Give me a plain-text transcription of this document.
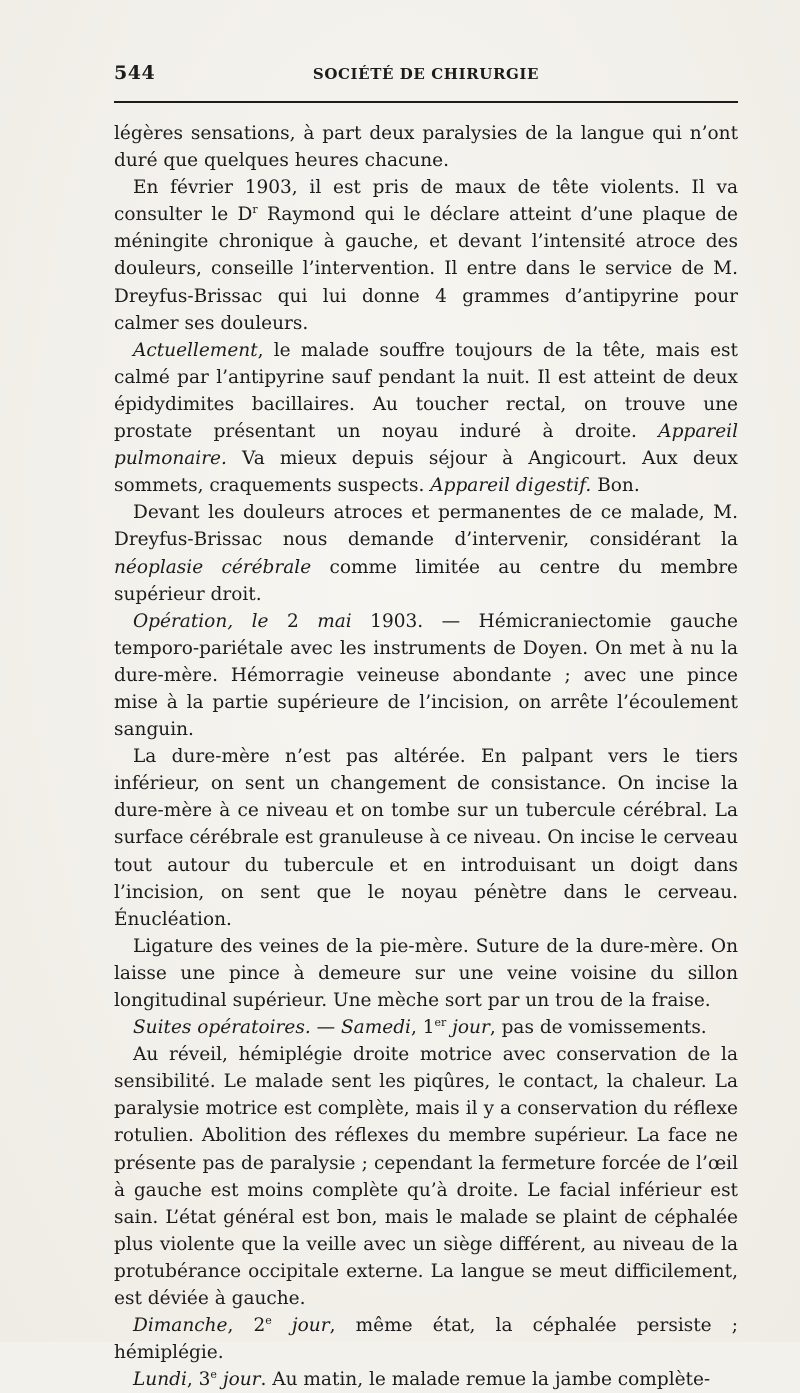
544	SOCIÉTÉ DE CHIRURGIE

légères sensations, à part deux paralysies de la langue qui n’ont duré que quelques heures chacune.

En février 1903, il est pris de maux de tête violents. Il va consulter le $D^r$ Raymond qui le déclare atteint d’une plaque de méningite chronique à gauche, et devant l’intensité atroce des douleurs, conseille l’intervention. Il entre dans le service de M. Dreyfus-Brissac qui lui donne 4 grammes d’antipyrine pour calmer ses douleurs.

Actuellement, le malade souffre toujours de la tête, mais est calmé par l’antipyrine sauf pendant la nuit. Il est atteint de deux épidydimites bacillaires. Au toucher rectal, on trouve une prostate présentant un noyau induré à droite. Appareil pulmonaire. Va mieux depuis séjour à Angicourt. Aux deux sommets, craquements suspects. Appareil digestif. Bon.

Devant les douleurs atroces et permanentes de ce malade, M. Dreyfus-Brissac nous demande d’intervenir, considérant la néoplasie cérébrale comme limitée au centre du membre supérieur droit.

Opération, le 2 mai 1903. — Hémicraniectomie gauche temporo-pariétale avec les instruments de Doyen. On met à nu la dure-mère. Hémorragie veineuse abondante ; avec une pince mise à la partie supérieure de l’incision, on arrête l’écoulement sanguin.

La dure-mère n’est pas altérée. En palpant vers le tiers inférieur, on sent un changement de consistance. On incise la dure-mère à ce niveau et on tombe sur un tubercule cérébral. La surface cérébrale est granuleuse à ce niveau. On incise le cerveau tout autour du tubercule et en introduisant un doigt dans l’incision, on sent que le noyau pénètre dans le cerveau. Énucléation.

Ligature des veines de la pie-mère. Suture de la dure-mère. On laisse une pince à demeure sur une veine voisine du sillon longitudinal supérieur. Une mèche sort par un trou de la fraise.

Suites opératoires. — Samedi, 1er jour, pas de vomissements.

Au réveil, hémiplégie droite motrice avec conservation de la sensibilité. Le malade sent les piqûres, le contact, la chaleur. La paralysie motrice est complète, mais il y a conservation du réflexe rotulien. Abolition des réflexes du membre supérieur. La face ne présente pas de paralysie ; cependant la fermeture forcée de l’œil à gauche est moins complète qu’à droite. Le facial inférieur est sain. L’état général est bon, mais le malade se plaint de céphalée plus violente que la veille avec un siège différent, au niveau de la protubérance occipitale externe. La langue se meut difficilement, est déviée à gauche.

Dimanche, 2e jour, même état, la céphalée persiste ; hémiplégie.

Lundi, 3e jour. Au matin, le malade remue la jambe complète-
